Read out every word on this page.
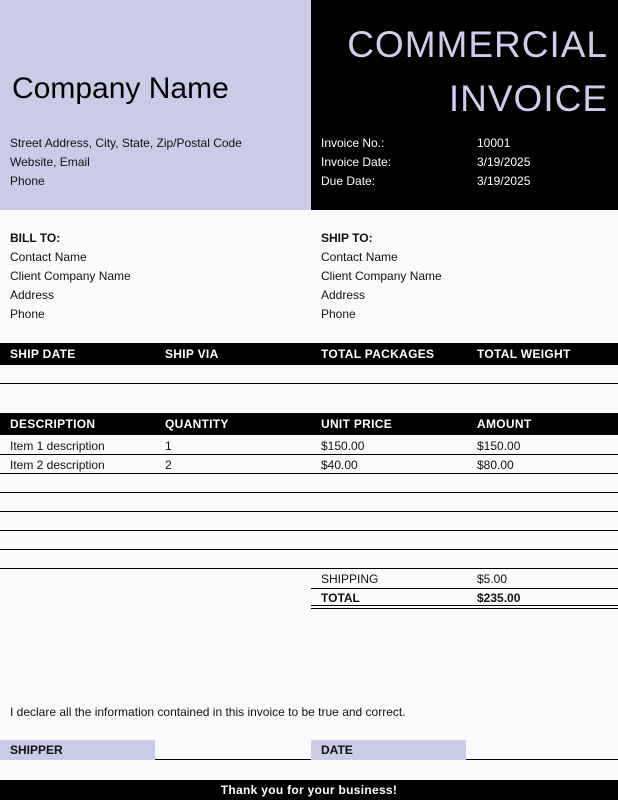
Company Name
COMMERCIAL
INVOICE
Street Address, City, State, Zip/Postal Code
Website, Email
Phone
Invoice No.:	10001
Invoice Date:	3/19/2025
Due Date:	3/19/2025
BILL TO:
Contact Name
Client Company Name
Address
Phone
SHIP TO:
Contact Name
Client Company Name
Address
Phone
SHIP DATE	SHIP VIA	TOTAL PACKAGES	TOTAL WEIGHT
DESCRIPTION	QUANTITY	UNIT PRICE	AMOUNT
Item 1 description	1	$150.00	$150.00
Item 2 description	2	$40.00	$80.00
SHIPPING	$5.00
TOTAL	$235.00
I declare all the information contained in this invoice to be true and correct.
SHIPPER	DATE
Thank you for your business!
